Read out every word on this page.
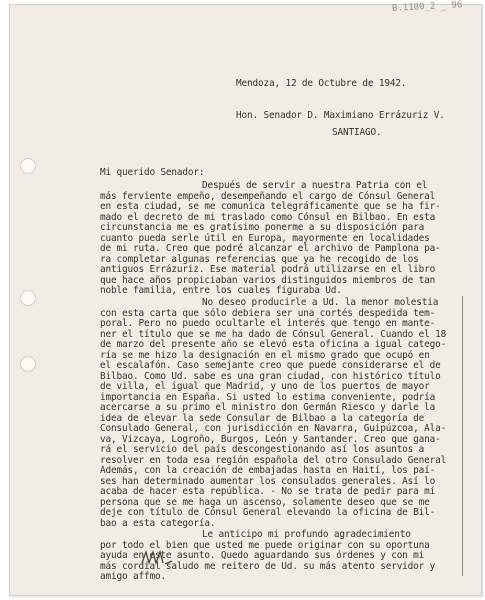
B.1100_2 _ 96
Mendoza, 12 de Octubre de 1942.
Hon. Senador D. Maximiano Errázuriz V.
SANTIAGO.
Mi querido Senador:
Después de servir a nuestra Patria con el
más ferviente empeño, desempeñando el cargo de Cónsul General
en esta ciudad, se me comunica telegráficamente que se ha fir-
mado el decreto de mi traslado como Cónsul en Bilbao. En esta
circunstancia me es gratísimo ponerme a su disposición para
cuanto pueda serle útil en Europa, mayormente en localidades
de mi ruta. Creo que podré alcanzar el archivo de Pamplona pa-
ra completar algunas referencias que ya he recogido de los
antiguos Errázuriz. Ese material podrá utilizarse en el libro
que hace años propiciaban varios distinguidos miembros de tan
noble familia, entre los cuales figuraba Ud.
No deseo producirle a Ud. la menor molestia
con esta carta que sólo debiera ser una cortés despedida tem-
poral. Pero no puedo ocultarle el interés que tengo en mante-
ner el título que se me ha dado de Cónsul General. Cuando el 18
de marzo del presente año se elevó esta oficina a igual catego-
ría se me hizo la designación en el mismo grado que ocupó en
el escalafón. Caso semejante creo que puede considerarse el de
Bilbao. Como Ud. sabe es una gran ciudad, con histórico título
de villa, el igual que Madrid, y uno de los puertos de mayor
importancia en España. Si usted lo estima conveniente, podría
acercarse a su primo el ministro don Germán Riesco y darle la
idea de elevar la sede Consular de Bilbao a la categoría de
Consulado General, con jurisdicción en Navarra, Guipúzcoa, Ala-
va, Vizcaya, Logroño, Burgos, León y Santander. Creo que gana-
rá el servicio del país descongestionando así los asuntos a
resolver en toda esa región española del otro Consulado General
Además, con la creación de embajadas hasta en Haití, los paí-
ses han determinado aumentar los consulados generales. Así lo
acaba de hacer esta república. - No se trata de pedir para mí
persona que se me haga un ascenso, solamente deseo que se me
deje con título de Cónsul General elevando la oficina de Bil-
bao a esta categoría.
Le anticipo mi profundo agradecimiento
por todo el bien que usted me puede originar con su oportuna
ayuda en este asunto. Quedo aguardando sus órdenes y con mi
más cordial saludo me reitero de Ud. su más atento servidor y
amigo affmo.
